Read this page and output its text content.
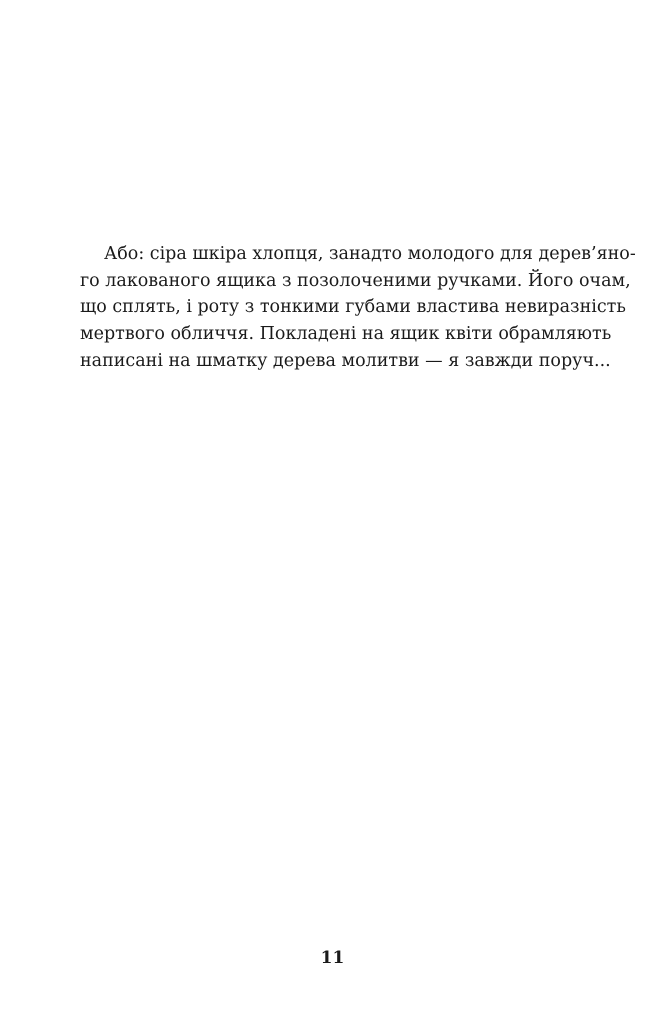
Або: сіра шкіра хлопця, занадто молодого для дерев’яно-
го лакованого ящика з позолоченими ручками. Його очам,
що сплять, і роту з тонкими губами властива невиразність
мертвого обличчя. Покладені на ящик квіти обрамляють
написані на шматку дерева молитви — я завжди поруч...
11
